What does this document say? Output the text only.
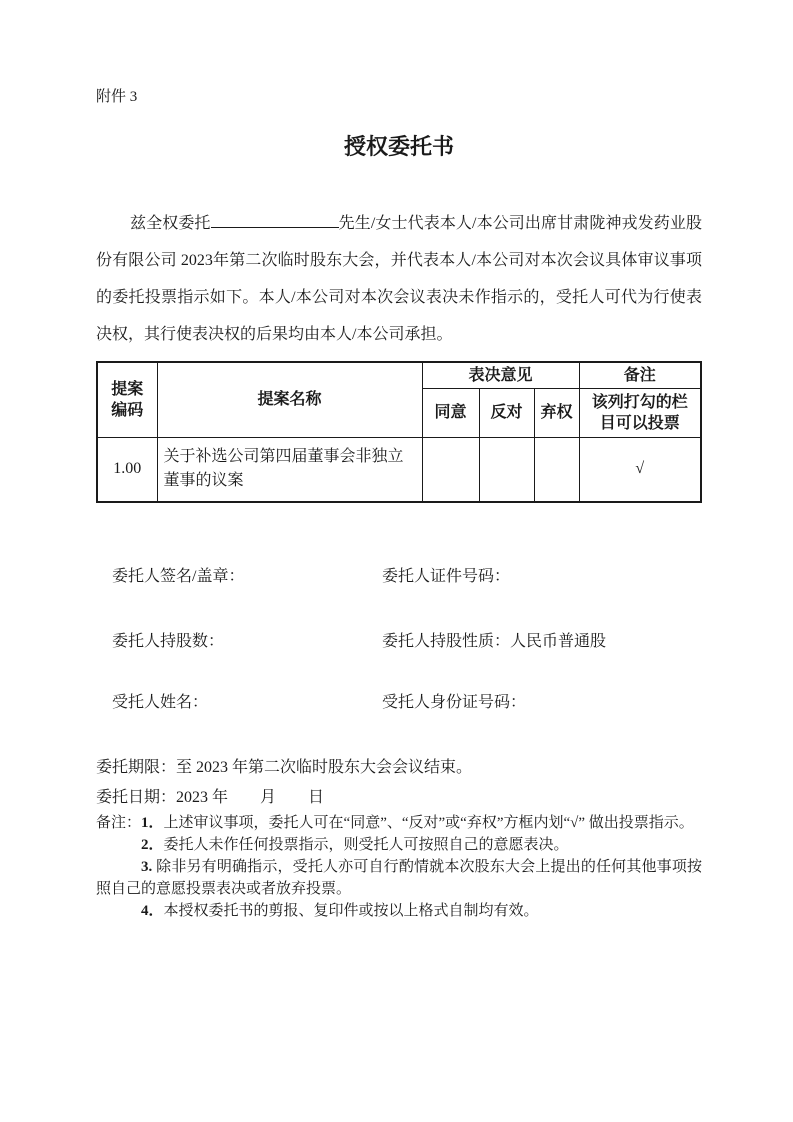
附件 3
授权委托书

兹全权委托	先生/女士代表本人/本公司出席甘肃陇神戎发药业股份有限公司 2023年第二次临时股东大会，并代表本人/本公司对本次会议具体审议事项的委托投票指示如下。本人/本公司对本次会议表决未作指示的，受托人可代为行使表决权，其行使表决权的后果均由本人/本公司承担。

提案编码	提案名称	表决意见			备注
		同意	反对	弃权	该列打勾的栏目可以投票
1.00	关于补选公司第四届董事会非独立董事的议案				√
委托人签名/盖章：	委托人证件号码：
委托人持股数：	委托人持股性质：人民币普通股
受托人姓名：	受托人身份证号码：
委托期限：至 2023 年第二次临时股东大会会议结束。
委托日期：2023 年　　月　　日

备注：1．上述审议事项，委托人可在“同意”、“反对”或“弃权”方框内划“√” 做出投票指示。

2．委托人未作任何投票指示，则受托人可按照自己的意愿表决。

3. 除非另有明确指示，受托人亦可自行酌情就本次股东大会上提出的任何其他事项按照自己的意愿投票表决或者放弃投票。

4．本授权委托书的剪报、复印件或按以上格式自制均有效。
